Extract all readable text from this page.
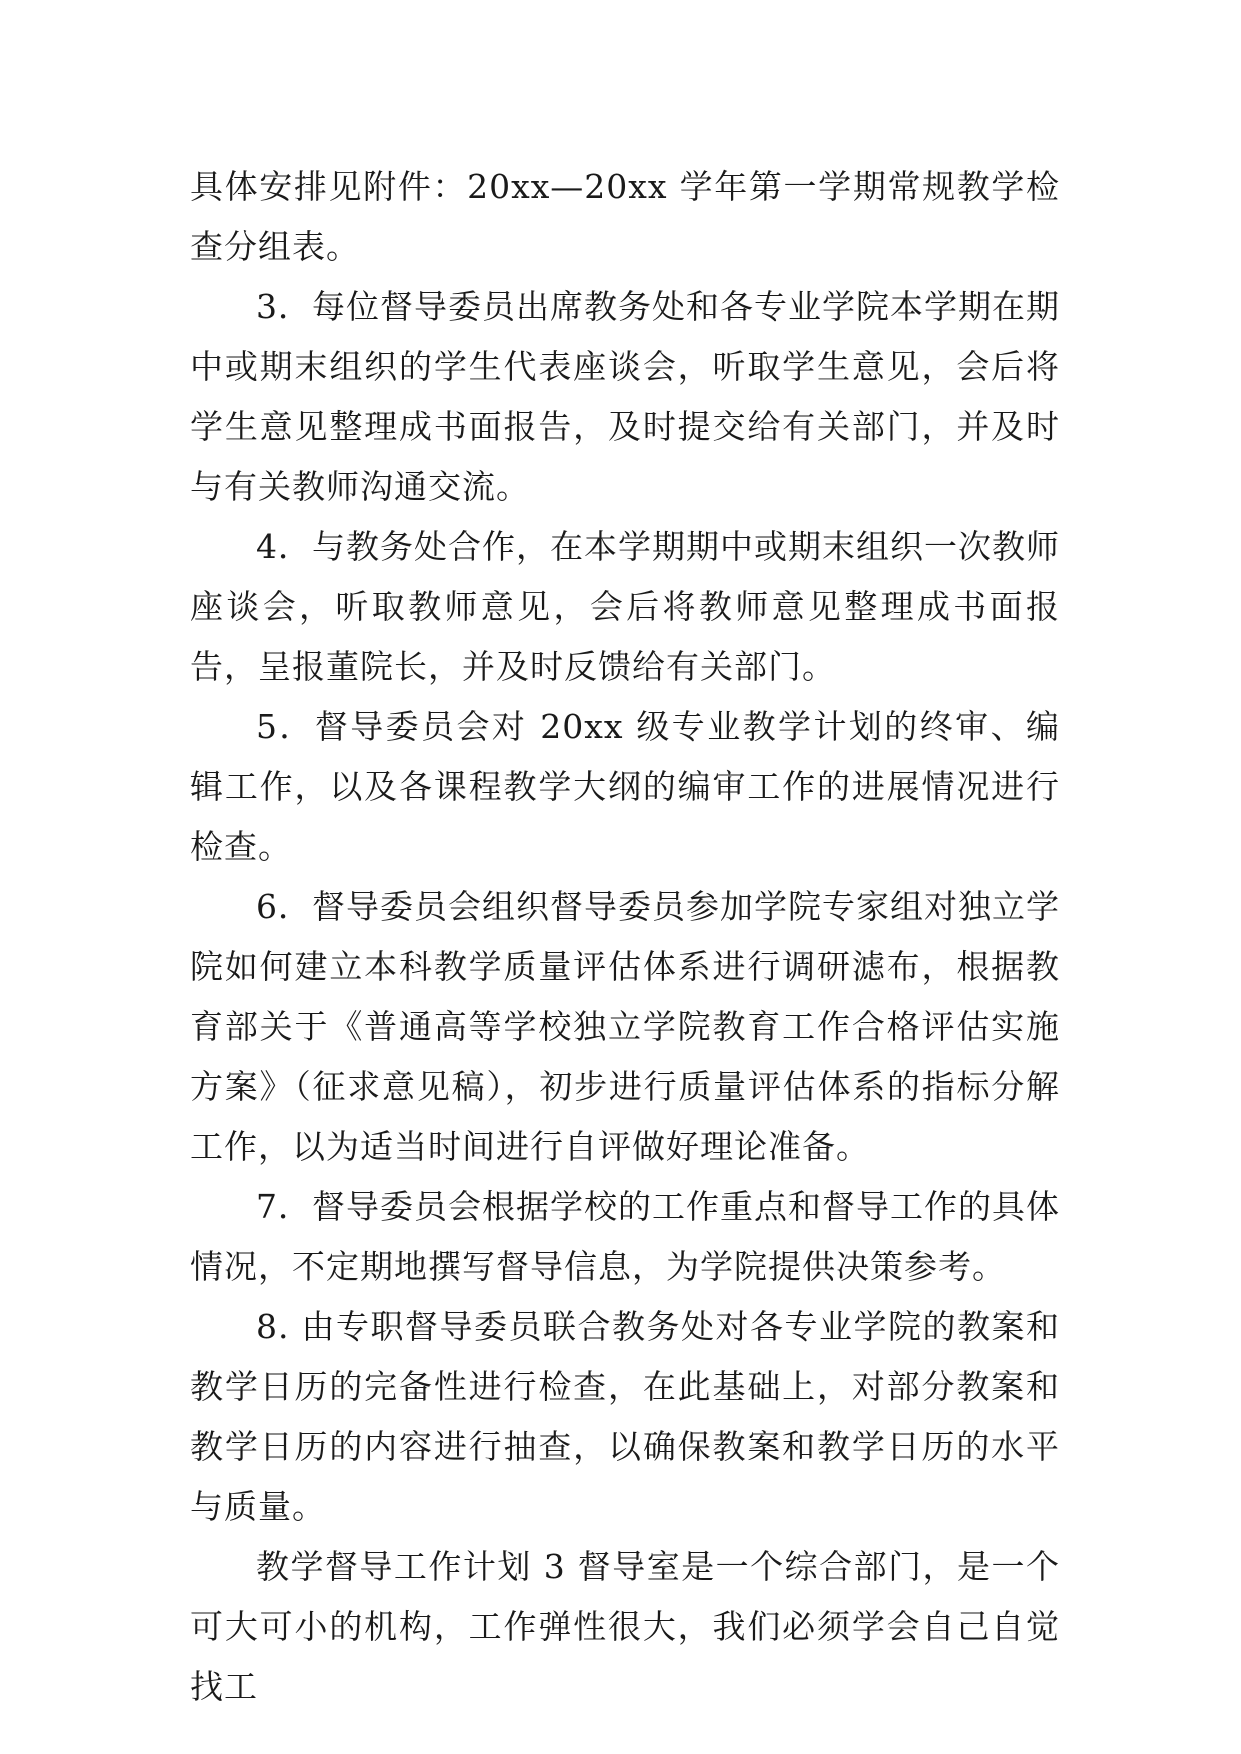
具体安排见附件：20xx—20xx 学年第一学期常规教学检查分组表。

3．每位督导委员出席教务处和各专业学院本学期在期中或期末组织的学生代表座谈会，听取学生意见，会后将学生意见整理成书面报告，及时提交给有关部门，并及时与有关教师沟通交流。

4．与教务处合作，在本学期期中或期末组织一次教师座谈会，听取教师意见，会后将教师意见整理成书面报告，呈报董院长，并及时反馈给有关部门。

5．督导委员会对 20xx 级专业教学计划的终审、编辑工作，以及各课程教学大纲的编审工作的进展情况进行检查。

6．督导委员会组织督导委员参加学院专家组对独立学院如何建立本科教学质量评估体系进行调研滤布，根据教育部关于《普通高等学校独立学院教育工作合格评估实施方案》（征求意见稿），初步进行质量评估体系的指标分解工作，以为适当时间进行自评做好理论准备。

7．督导委员会根据学校的工作重点和督导工作的具体情况，不定期地撰写督导信息，为学院提供决策参考。

8. 由专职督导委员联合教务处对各专业学院的教案和教学日历的完备性进行检查，在此基础上，对部分教案和教学日历的内容进行抽查，以确保教案和教学日历的水平与质量。

教学督导工作计划 3 督导室是一个综合部门，是一个可大可小的机构，工作弹性很大，我们必须学会自己自觉找工
